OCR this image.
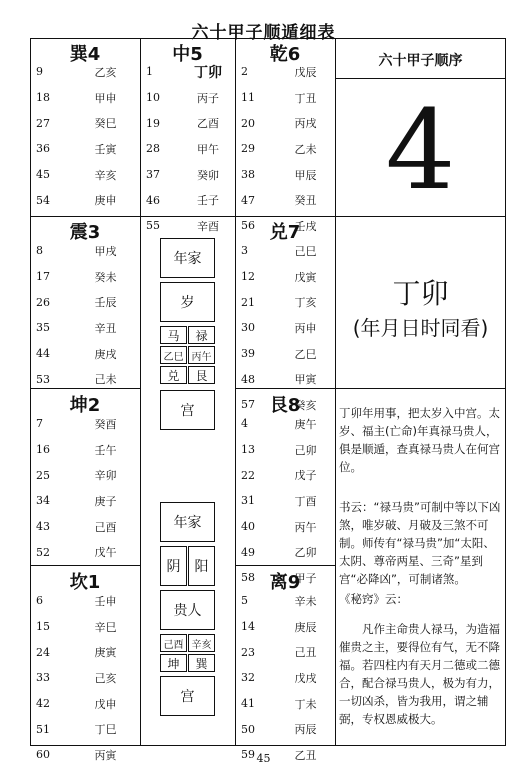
六十甲子顺遁细表
巽4
9	乙亥
18	甲申
27	癸巳
36	壬寅
45	辛亥
54	庚申
中5
1	丁卯
10	丙子
19	乙酉
28	甲午
37	癸卯
46	壬子
55	辛酉
乾6
2	戊辰
11	丁丑
20	丙戌
29	乙未
38	甲辰
47	癸丑
56	壬戌
震3
8	甲戌
17	癸未
26	壬辰
35	辛丑
44	庚戌
53	己未
兑7
3	己巳
12	戊寅
21	丁亥
30	丙申
39	乙巳
48	甲寅
57	癸亥
年家
岁
马	禄
乙巳 丙午
兑	艮
宫
坤2
7	癸酉
16	壬午
25	辛卯
34	庚子
43	己酉
52	戊午
艮8
4	庚午
13	己卯
22	戊子
31	丁酉
40	丙午
49	乙卯
58	甲子
年家
阴	阳
贵人
己酉 辛亥
坤	巽
宫
坎1
6	壬申
15	辛巳
24	庚寅
33	己亥
42	戊申
51	丁巳
60	丙寅
离9
5	辛未
14	庚辰
23	己丑
32	戊戌
41	丁未
50	丙辰
59	乙丑
六十甲子顺序
4
丁卯
(年月日时同看)
丁卯年用事，把太岁入中宫。太岁、福主(亡命)年真禄马贵人，俱是顺遁，查真禄马贵人在何宫位。
书云：“禄马贵”可制中等以下凶煞，唯岁破、月破及三煞不可制。师传有“禄马贵”加“太阳、太阴、尊帝两星、三奇”星到宫“必降凶”，可制诸煞。
《秘窍》云：
凡作主命贵人禄马，为造福催贵之主，要得位有气，无不降福。若四柱内有天月二德或二德合，配合禄马贵人，极为有力，一切凶杀，皆为我用，谓之辅弼，专权恩威极大。
45
